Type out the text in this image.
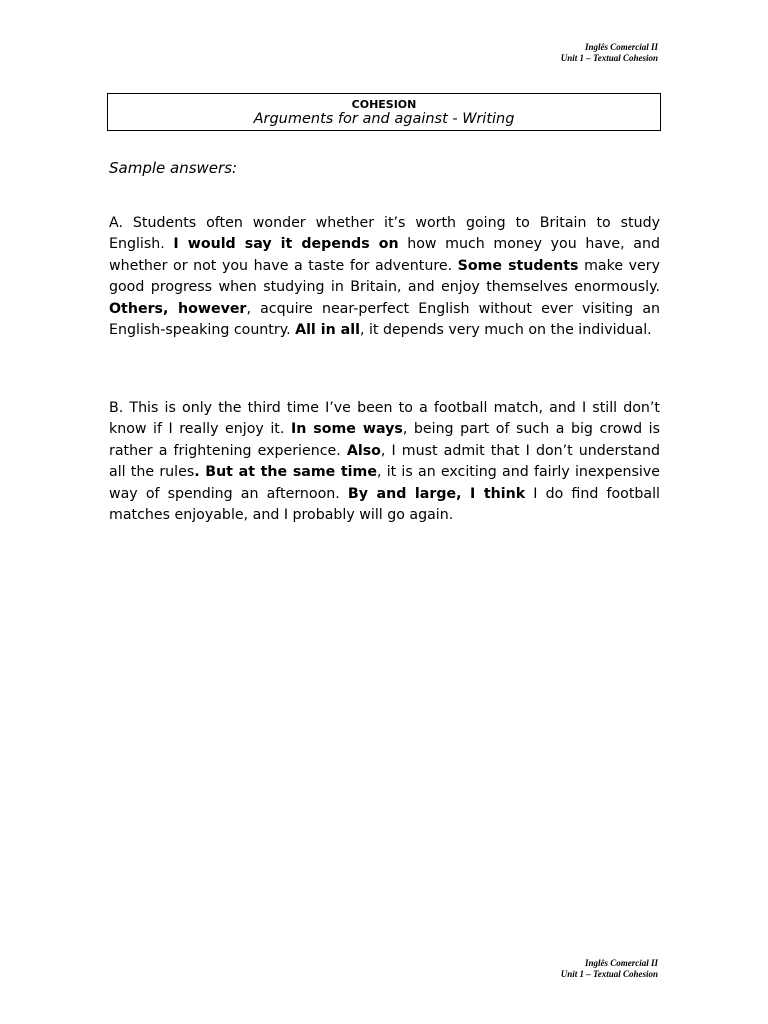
Inglês Comercial II
Unit 1 – Textual Cohesion
COHESION
Arguments for and against - Writing
Sample answers:

A. Students often wonder whether it’s worth going to Britain to study English. I would say it depends on how much money you have, and whether or not you have a taste for adventure. Some students make very good progress when studying in Britain, and enjoy themselves enormously. Others, however, acquire near-perfect English without ever visiting an English-speaking country. All in all, it depends very much on the individual.

B. This is only the third time I’ve been to a football match, and I still don’t know if I really enjoy it. In some ways, being part of such a big crowd is rather a frightening experience. Also, I must admit that I don’t understand all the rules. But at the same time, it is an exciting and fairly inexpensive way of spending an afternoon. By and large, I think I do find football matches enjoyable, and I probably will go again.

Inglês Comercial II
Unit 1 – Textual Cohesion
